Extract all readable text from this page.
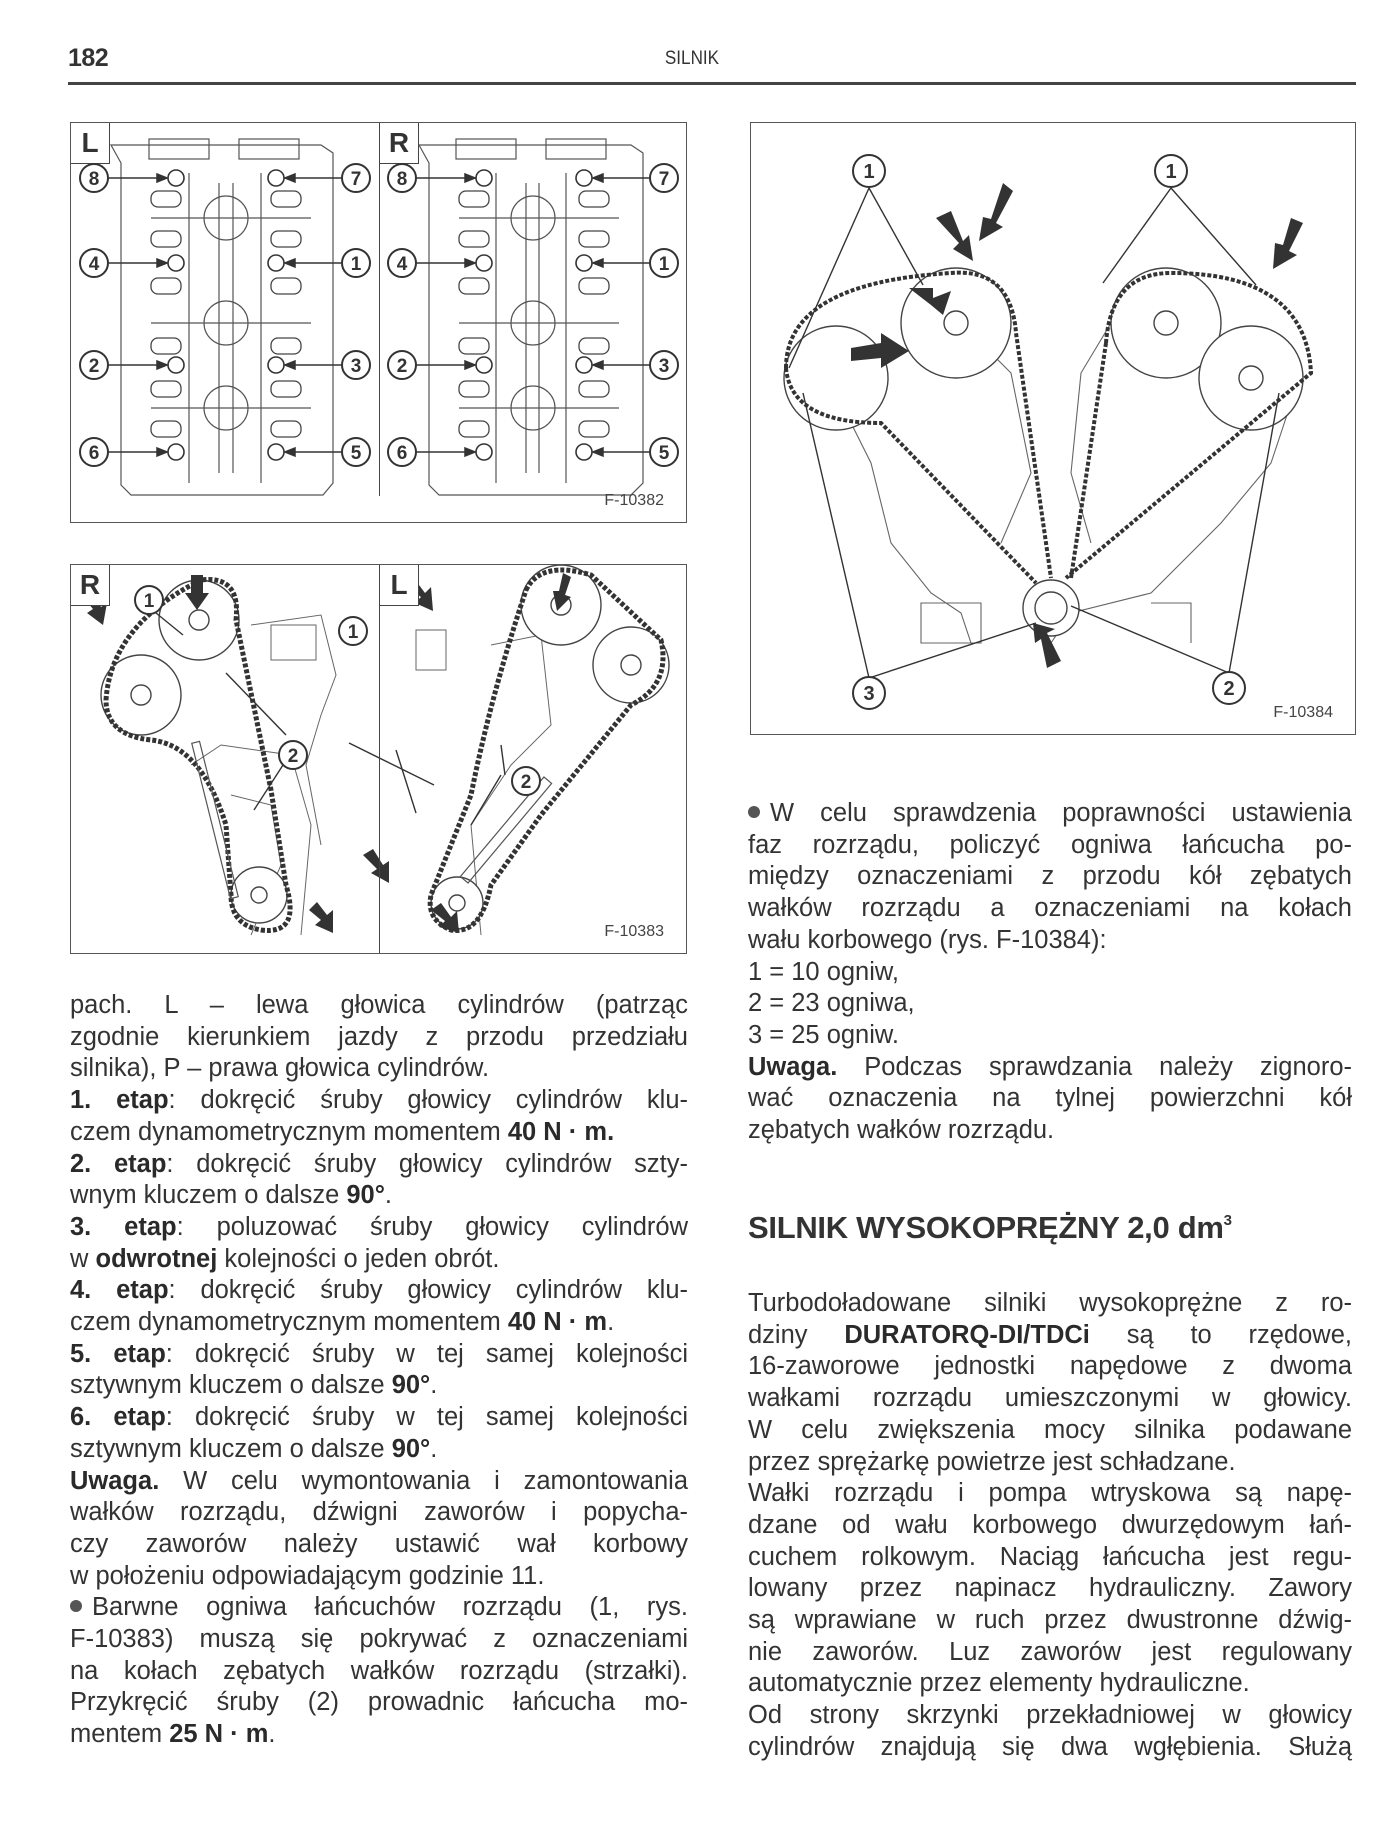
182	SILNIK
L	R
8
4
2
6
7
1
3
5
8
4
2
6
7
1
3
5
F-10382
1
2
1
2
R	L
F-10383
1	1
3	2
F-10384
pach. L – lewa głowica cylindrów (patrząc
zgodnie kierunkiem jazdy z przodu przedziału
silnika), P – prawa głowica cylindrów.
1. etap: dokręcić śruby głowicy cylindrów klu-
czem dynamometrycznym momentem 40 N · m.
2. etap: dokręcić śruby głowicy cylindrów szty-
wnym kluczem o dalsze 90°.
3. etap: poluzować śruby głowicy cylindrów
w odwrotnej kolejności o jeden obrót.
4. etap: dokręcić śruby głowicy cylindrów klu-
czem dynamometrycznym momentem 40 N · m.
5. etap: dokręcić śruby w tej samej kolejności
sztywnym kluczem o dalsze 90°.
6. etap: dokręcić śruby w tej samej kolejności
sztywnym kluczem o dalsze 90°.
Uwaga. W celu wymontowania i zamontowania
wałków rozrządu, dźwigni zaworów i popycha-
czy zaworów należy ustawić wał korbowy
w położeniu odpowiadającym godzinie 11.
Barwne ogniwa łańcuchów rozrządu (1, rys.
F-10383) muszą się pokrywać z oznaczeniami
na kołach zębatych wałków rozrządu (strzałki).
Przykręcić śruby (2) prowadnic łańcucha mo-
mentem 25 N · m.
W celu sprawdzenia poprawności ustawienia
faz rozrządu, policzyć ogniwa łańcucha po-
między oznaczeniami z przodu kół zębatych
wałków rozrządu a oznaczeniami na kołach
wału korbowego (rys. F-10384):
1 = 10 ogniw,
2 = 23 ogniwa,
3 = 25 ogniw.
Uwaga. Podczas sprawdzania należy zignoro-
wać oznaczenia na tylnej powierzchni kół
zębatych wałków rozrządu.
SILNIK WYSOKOPRĘŻNY 2,0 $dm^3$
Turbodoładowane silniki wysokoprężne z ro-
dziny DURATORQ-DI/TDCi są to rzędowe,
16-zaworowe jednostki napędowe z dwoma
wałkami rozrządu umieszczonymi w głowicy.
W celu zwiększenia mocy silnika podawane
przez sprężarkę powietrze jest schładzane.
Wałki rozrządu i pompa wtryskowa są napę-
dzane od wału korbowego dwurzędowym łań-
cuchem rolkowym. Naciąg łańcucha jest regu-
lowany przez napinacz hydrauliczny. Zawory
są wprawiane w ruch przez dwustronne dźwig-
nie zaworów. Luz zaworów jest regulowany
automatycznie przez elementy hydrauliczne.
Od strony skrzynki przekładniowej w głowicy
cylindrów znajdują się dwa wgłębienia. Służą
